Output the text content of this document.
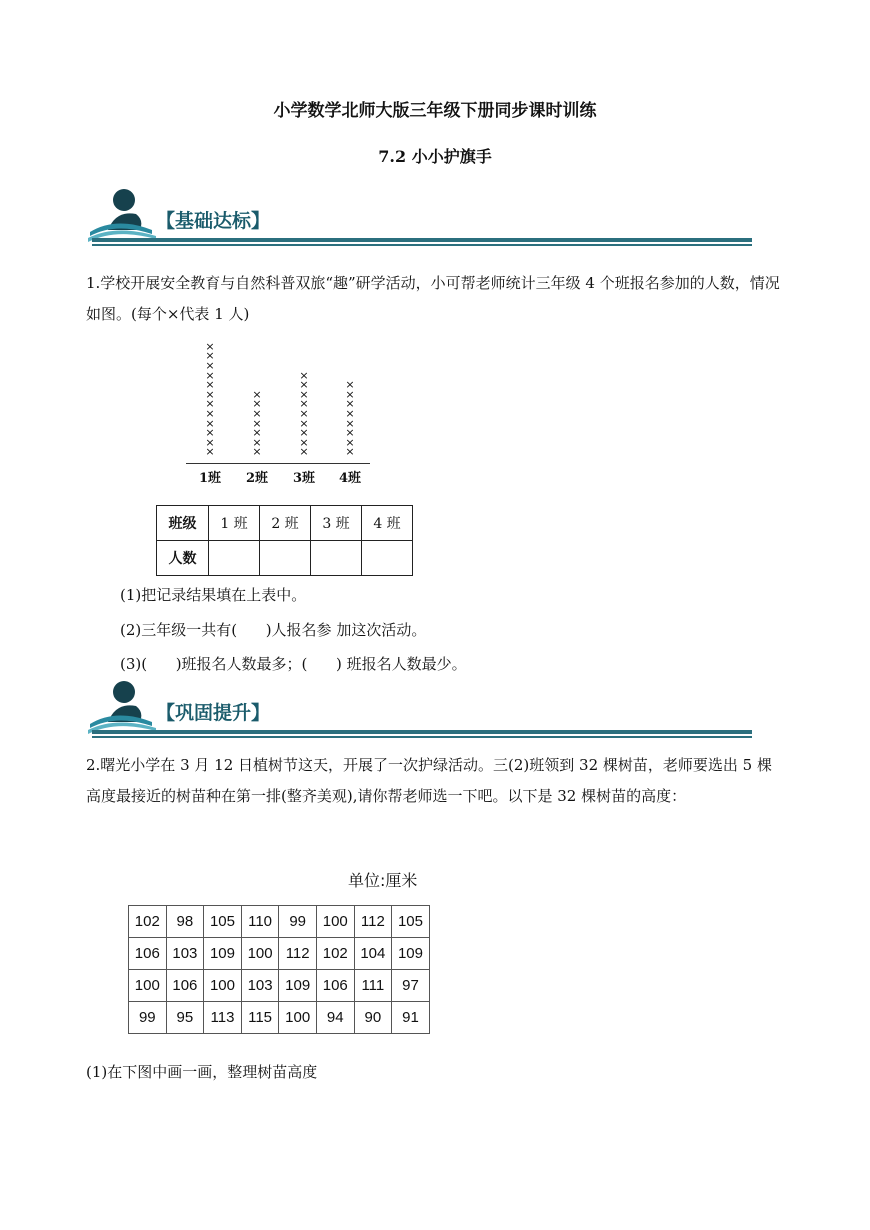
小学数学北师大版三年级下册同步课时训练
7.2 小小护旗手
【基础达标】
1.学校开展安全教育与自然科普双旅“趣”研学活动，小可帮老师统计三年级 4 个班报名参加的人数，情况如图。(每个×代表 1 人)
×
×
×
×
×
×
×
×
×
×
×
×
1班
×
×
×
×
×
×
×
2班
×
×
×
×
×
×
×
×
×
3班
×
×
×
×
×
×
×
×
4班
班级	1 班	2 班	3 班	4 班
人数				
(1)把记录结果填在上表中。
(2)三年级一共有(      )人报名参 加这次活动。
(3)(      )班报名人数最多；(      ) 班报名人数最少。
【巩固提升】
2.曙光小学在 3 月 12 日植树节这天，开展了一次护绿活动。三(2)班领到 32 棵树苗，老师要选出 5 棵高度最接近的树苗种在第一排(整齐美观),请你帮老师选一下吧。以下是 32 棵树苗的高度：
单位:厘米
102	98	105	110	99	100	112	105
106	103	109	100	112	102	104	109
100	106	100	103	109	106	111	97
99	95	113	115	100	94	90	91
(1)在下图中画一画，整理树苗高度
